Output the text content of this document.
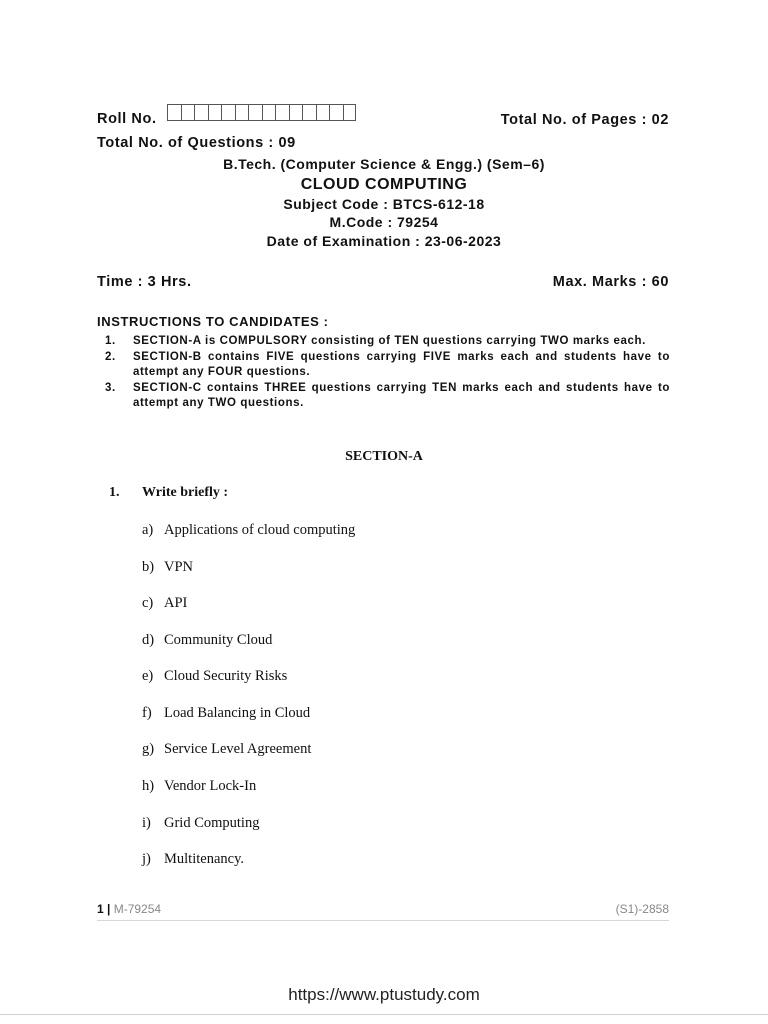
Roll No.	Total No. of Pages : 02
Total No. of Questions : 09
B.Tech. (Computer Science & Engg.) (Sem–6)
CLOUD COMPUTING
Subject Code : BTCS-612-18
M.Code : 79254
Date of Examination : 23-06-2023
Time : 3 Hrs.	Max. Marks : 60
INSTRUCTIONS TO CANDIDATES :
1.	SECTION-A is COMPULSORY consisting of TEN questions carrying TWO marks each.
2.	SECTION-B contains FIVE questions carrying FIVE marks each and students have to attempt any FOUR questions.
3.	SECTION-C contains THREE questions carrying TEN marks each and students have to attempt any TWO questions.
SECTION-A
1. Write briefly :
a) Applications of cloud computing
b) VPN
c) API
d) Community Cloud
e) Cloud Security Risks
f) Load Balancing in Cloud
g) Service Level Agreement
h) Vendor Lock-In
i) Grid Computing
j) Multitenancy.
1 | M-79254	(S1)-2858
https://www.ptustudy.com
